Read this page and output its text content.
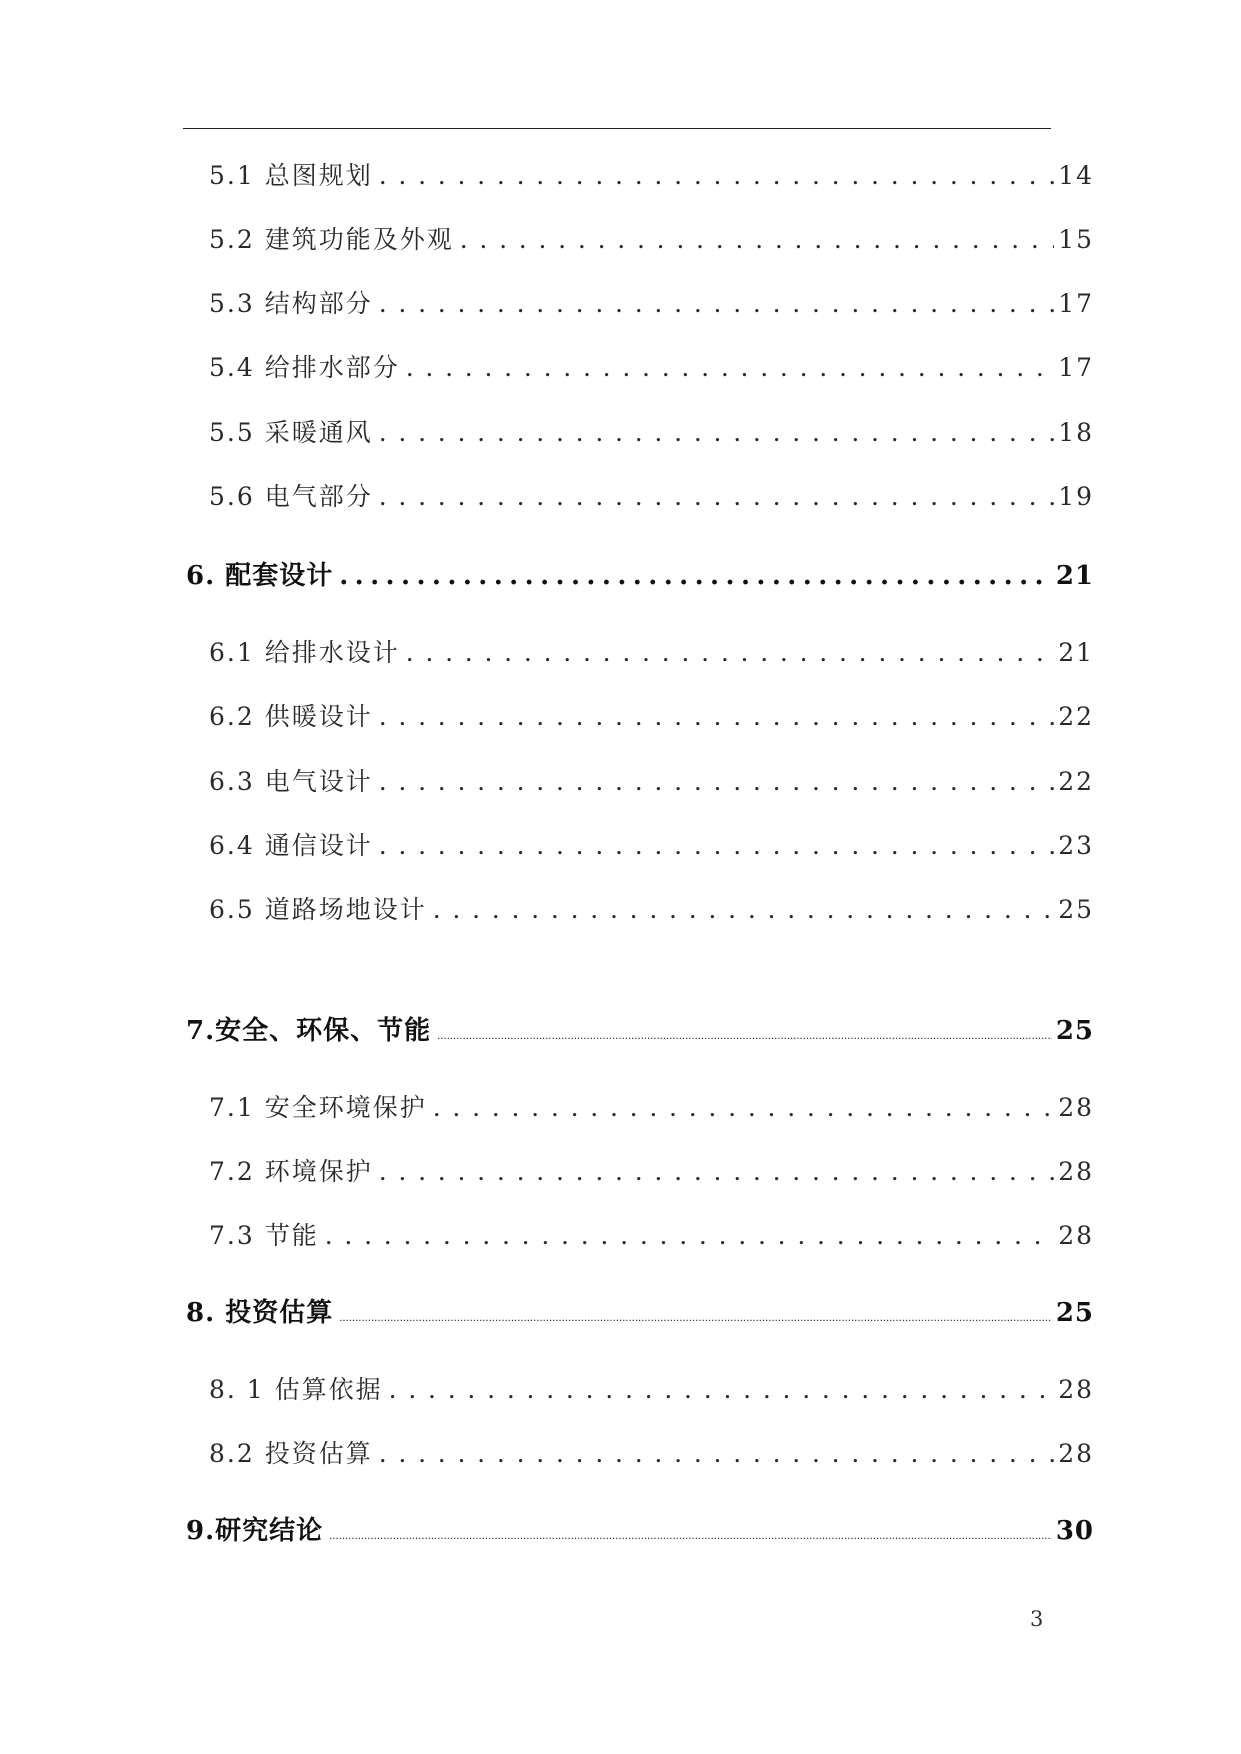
5.1 总图规划 . . .	14
5.2 建筑功能及外观 . . .	15
5.3 结构部分 . . .	17
5.4 给排水部分 . . .	17
5.5 采暖通风 . . .	18
5.6 电气部分 . . .	19
6. 配套设计 .....	21
6.1 给排水设计 . . .	21
6.2 供暖设计 . . .	22
6.3 电气设计 . . .	22
6.4 通信设计 . . .	23
6.5 道路场地设计 . . .	25
7.安全、环保、节能 .....	25
7.1 安全环境保护 . . .	28
7.2 环境保护 . . .	28
7.3 节能 . . .	28
8. 投资估算 .....	25
8. 1 估算依据 . . .	28
8.2 投资估算 . . .	28
9.研究结论 .....	30
3
